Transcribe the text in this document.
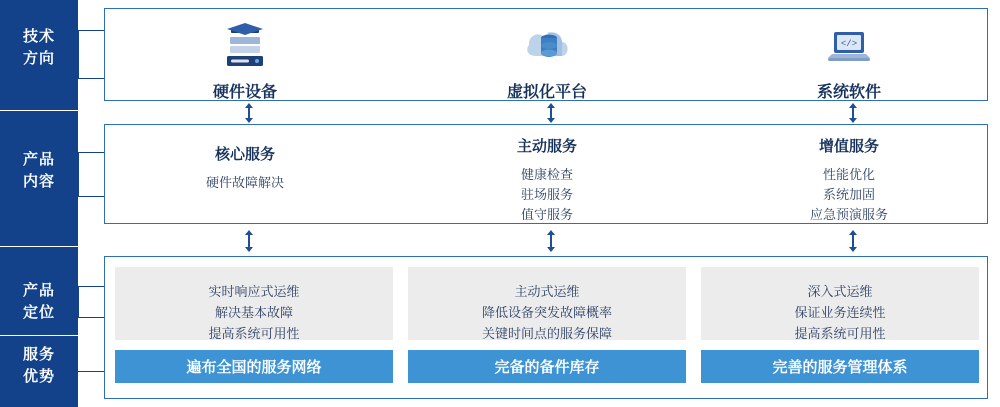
技术
方向
产品
内容
产品
定位
服务
优势
硬件设备	虚拟化平台
</>
系统软件
核心服务
硬件故障解决
主动服务
健康检查
驻场服务
值守服务
增值服务
性能优化
系统加固
应急预演服务
实时响应式运维
解决基本故障
提高系统可用性
主动式运维
降低设备突发故障概率
关键时间点的服务保障
深入式运维
保证业务连续性
提高系统可用性
遍布全国的服务网络	完备的备件库存	完善的服务管理体系
